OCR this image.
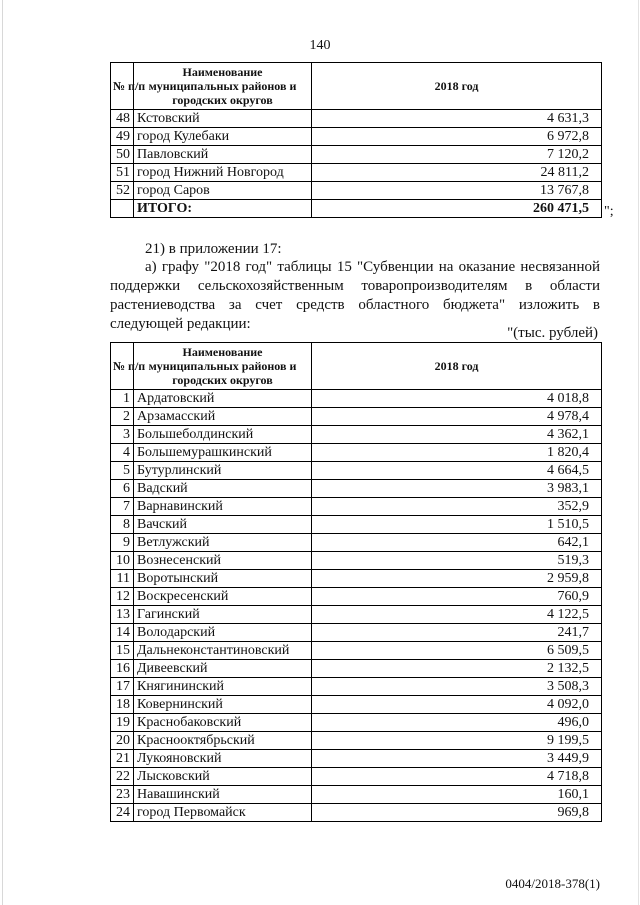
140
№ п/п	Наименование муниципальных районов и городских округов	2018 год
48	Кстовский	4 631,3
49	город Кулебаки	6 972,8
50	Павловский	7 120,2
51	город Нижний Новгород	24 811,2
52	город Саров	13 767,8
	ИТОГО:	260 471,5 ";

21) в приложении 17:

а) графу "2018 год" таблицы 15 "Субвенции на оказание несвязанной поддержки сельскохозяйственным товаропроизводителям в области растениеводства за счет средств областного бюджета" изложить в следующей редакции:

"(тыс. рублей)
№ п/п	Наименование муниципальных районов и городских округов	2018 год
1	Ардатовский	4 018,8
2	Арзамасский	4 978,4
3	Большеболдинский	4 362,1
4	Большемурашкинский	1 820,4
5	Бутурлинский	4 664,5
6	Вадский	3 983,1
7	Варнавинский	352,9
8	Вачский	1 510,5
9	Ветлужский	642,1
10	Вознесенский	519,3
11	Воротынский	2 959,8
12	Воскресенский	760,9
13	Гагинский	4 122,5
14	Володарский	241,7
15	Дальнеконстантиновский	6 509,5
16	Дивеевский	2 132,5
17	Княгининский	3 508,3
18	Ковернинский	4 092,0
19	Краснобаковский	496,0
20	Краснооктябрьский	9 199,5
21	Лукояновский	3 449,9
22	Лысковский	4 718,8
23	Навашинский	160,1
24	город Первомайск	969,8
0404/2018-378(1)
